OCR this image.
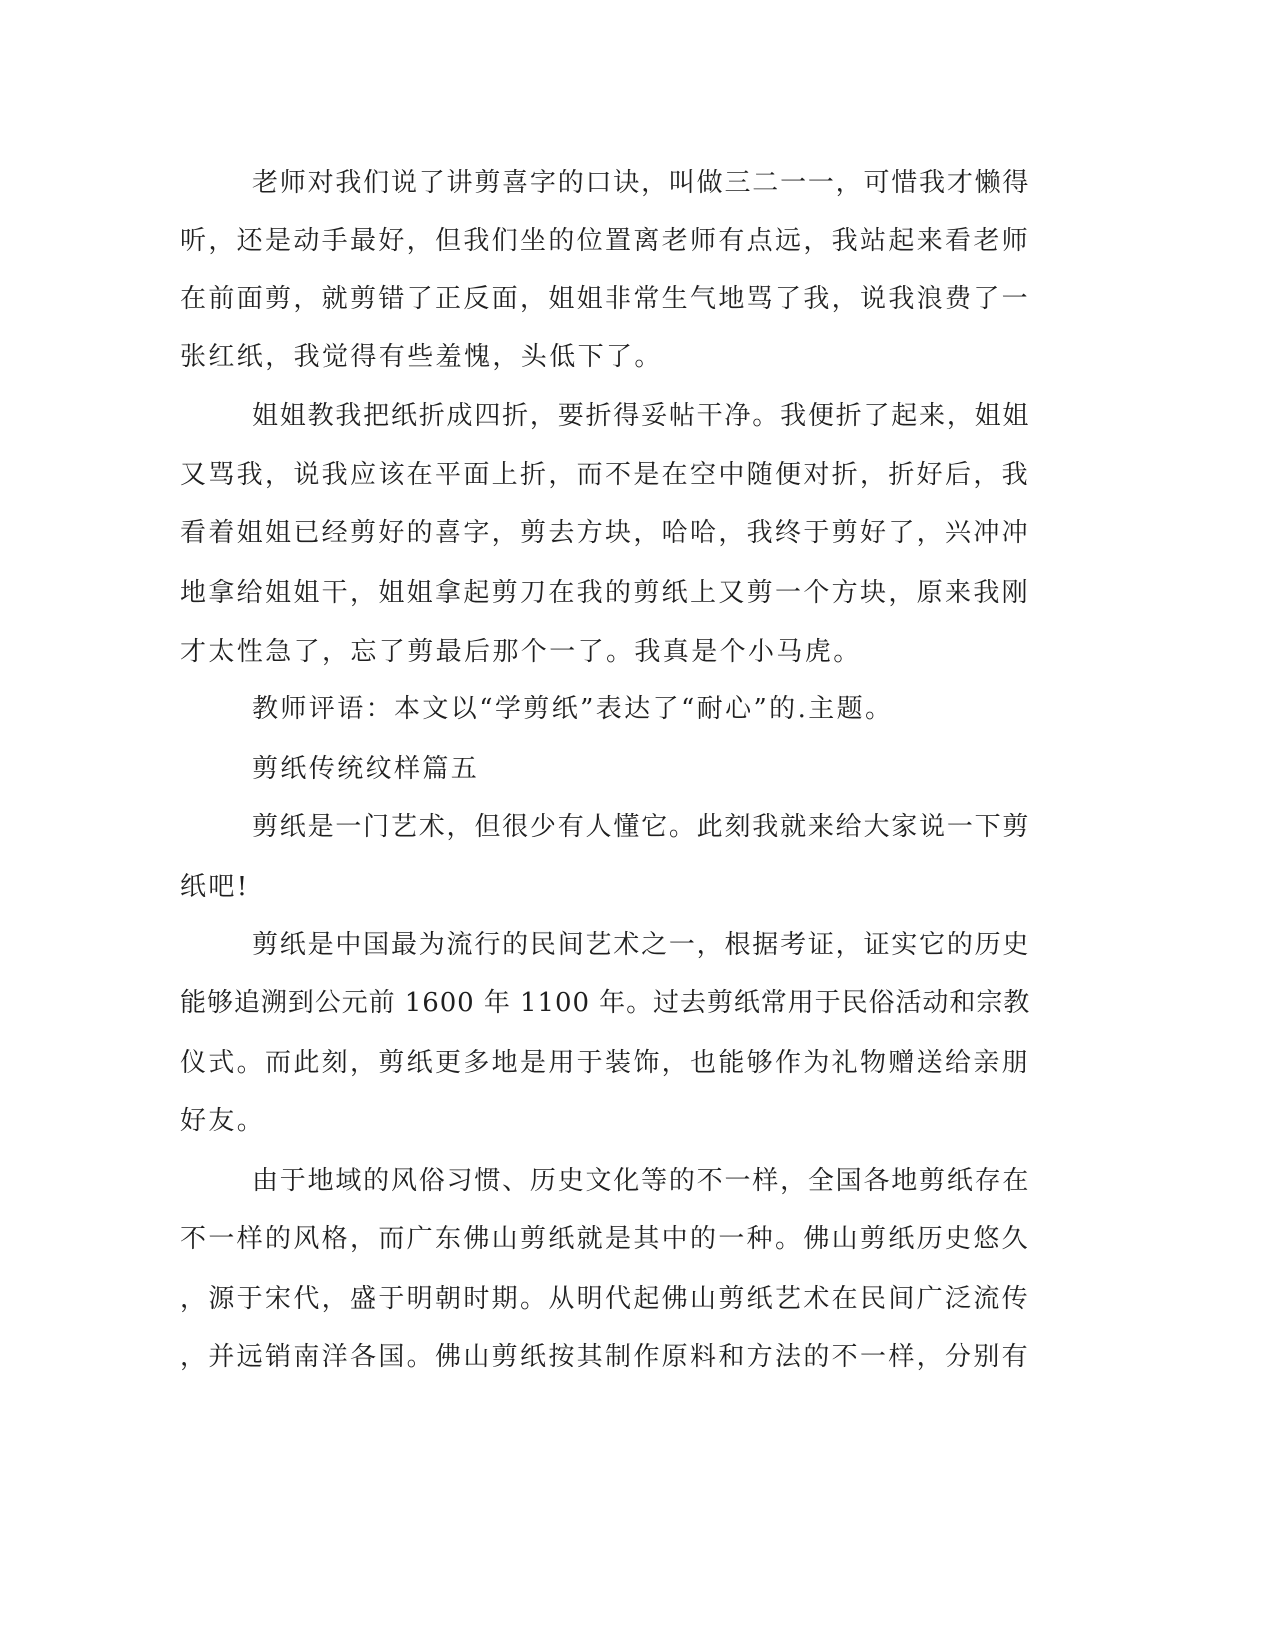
老师对我们说了讲剪喜字的口诀，叫做三二一一，可惜我才懒得
听，还是动手最好，但我们坐的位置离老师有点远，我站起来看老师
在前面剪，就剪错了正反面，姐姐非常生气地骂了我，说我浪费了一
张红纸，我觉得有些羞愧，头低下了。
姐姐教我把纸折成四折，要折得妥帖干净。我便折了起来，姐姐
又骂我，说我应该在平面上折，而不是在空中随便对折，折好后，我
看着姐姐已经剪好的喜字，剪去方块，哈哈，我终于剪好了，兴冲冲
地拿给姐姐干，姐姐拿起剪刀在我的剪纸上又剪一个方块，原来我刚
才太性急了，忘了剪最后那个一了。我真是个小马虎。
教师评语：本文以“学剪纸”表达了“耐心”的.主题。
剪纸传统纹样篇五
剪纸是一门艺术，但很少有人懂它。此刻我就来给大家说一下剪
纸吧!
剪纸是中国最为流行的民间艺术之一，根据考证，证实它的历史
能够追溯到公元前 1600 年 1100 年。过去剪纸常用于民俗活动和宗教
仪式。而此刻，剪纸更多地是用于装饰，也能够作为礼物赠送给亲朋
好友。
由于地域的风俗习惯、历史文化等的不一样，全国各地剪纸存在
不一样的风格，而广东佛山剪纸就是其中的一种。佛山剪纸历史悠久
，源于宋代，盛于明朝时期。从明代起佛山剪纸艺术在民间广泛流传
，并远销南洋各国。佛山剪纸按其制作原料和方法的不一样，分别有
